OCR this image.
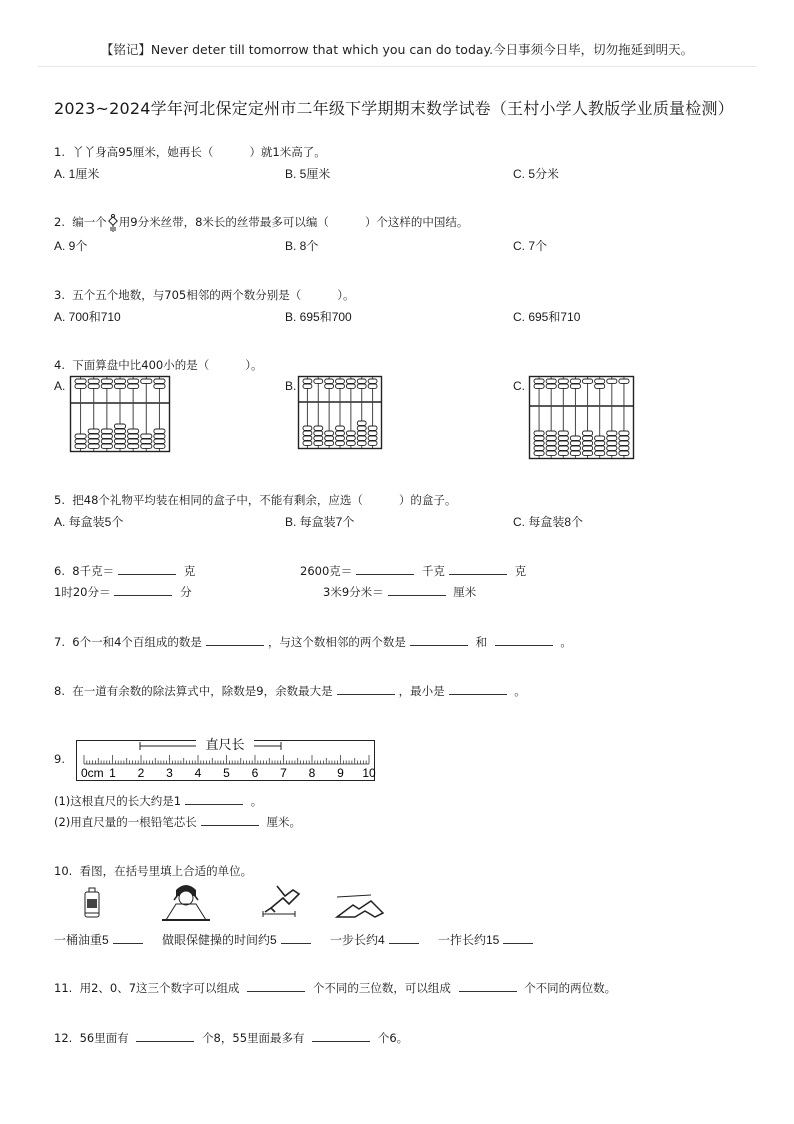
【铭记】Never deter till tomorrow that which you can do today.今日事须今日毕，切勿拖延到明天。
2023~2024学年河北保定定州市二年级下学期期末数学试卷（王村小学人教版学业质量检测）
1. 丫丫身高95厘米，她再长（	）就1米高了。
A. 1厘米	B. 5厘米	C. 5分米
2. 编一个 用9分米丝带，8米长的丝带最多可以编（	）个这样的中国结。
A. 9个	B. 8个	C. 7个
3. 五个五个地数，与705相邻的两个数分别是（	）。
A. 700和710	B. 695和700	C. 695和710
4. 下面算盘中比400小的是（	）。
A.	B.	C.
5. 把48个礼物平均装在相同的盒子中，不能有剩余，应选（	）的盒子。
A. 每盒装5个	B. 每盒装7个	C. 每盒装8个
6. 8千克＝	克	2600克＝	千克	克
1时20分＝	分	3米9分米＝	厘米
7. 6个一和4个百组成的数是	，与这个数相邻的两个数是	和	。
8. 在一道有余数的除法算式中，除数是9，余数最大是	，最小是	。
9.
直尺长
0cm 1 2 3 4 5 6 7 8 9 10
(1)这根直尺的长大约是1	。
(2)用直尺量的一根铅笔芯长	厘米。
10. 看图，在括号里填上合适的单位。
一桶油重5	做眼保健操的时间约5	一步长约4	一拃长约15
11. 用2、0、7这三个数字可以组成	个不同的三位数，可以组成	个不同的两位数。
12. 56里面有	个8，55里面最多有	个6。
